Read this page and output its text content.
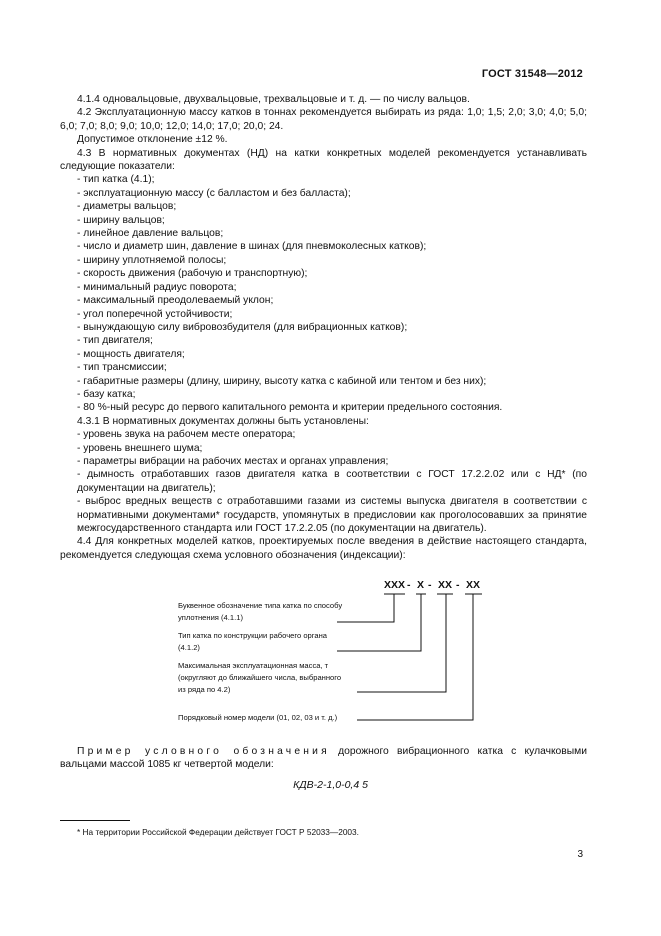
ГОСТ 31548—2012

4.1.4 одновальцовые, двухвальцовые, трехвальцовые и т. д. — по числу вальцов.

4.2 Эксплуатационную массу катков в тоннах рекомендуется выбирать из ряда: 1,0; 1,5; 2,0; 3,0; 4,0; 5,0; 6,0; 7,0; 8,0; 9,0; 10,0; 12,0; 14,0; 17,0; 20,0; 24.

Допустимое отклонение ±12 %.

4.3 В нормативных документах (НД) на катки конкретных моделей рекомендуется устанавливать следующие показатели:

- тип катка (4.1);

- эксплуатационную массу (с балластом и без балласта);

- диаметры вальцов;

- ширину вальцов;

- линейное давление вальцов;

- число и диаметр шин, давление в шинах (для пневмоколесных катков);

- ширину уплотняемой полосы;

- скорость движения (рабочую и транспортную);

- минимальный радиус поворота;

- максимальный преодолеваемый уклон;

- угол поперечной устойчивости;

- вынуждающую силу вибровозбудителя (для вибрационных катков);

- тип двигателя;

- мощность двигателя;

- тип трансмиссии;

- габаритные размеры (длину, ширину, высоту катка с кабиной или тентом и без них);

- базу катка;

- 80 %-ный ресурс до первого капитального ремонта и критерии предельного состояния.

4.3.1 В нормативных документах должны быть установлены:

- уровень звука на рабочем месте оператора;

- уровень внешнего шума;

- параметры вибрации на рабочих местах и органах управления;

- дымность отработавших газов двигателя катка в соответствии с ГОСТ 17.2.2.02 или с НД* (по документации на двигатель);

- выброс вредных веществ с отработавшими газами из системы выпуска двигателя в соответствии с нормативными документами* государств, упомянутых в предисловии как проголосовавших за принятие межгосударственного стандарта или ГОСТ 17.2.2.05 (по документации на двигатель).

4.4 Для конкретных моделей катков, проектируемых после введения в действие настоящего стандарта, рекомендуется следующая схема условного обозначения (индексации):

ХХХ - Х - ХХ - ХХ
Буквенное обозначение типа катка по способу
уплотнения (4.1.1)
Тип катка по конструкции рабочего органа
(4.1.2)
Максимальная эксплуатационная масса, т
(округляют до ближайшего числа, выбранного
из ряда по 4.2)
Порядковый номер модели (01, 02, 03 и т. д.)

Пример условного обозначения дорожного вибрационного катка с кулачковыми вальцами массой 1085 кг четвертой модели:

КДВ-2-1,0-0,4 5
* На территории Российской Федерации действует ГОСТ Р 52033—2003.
3
